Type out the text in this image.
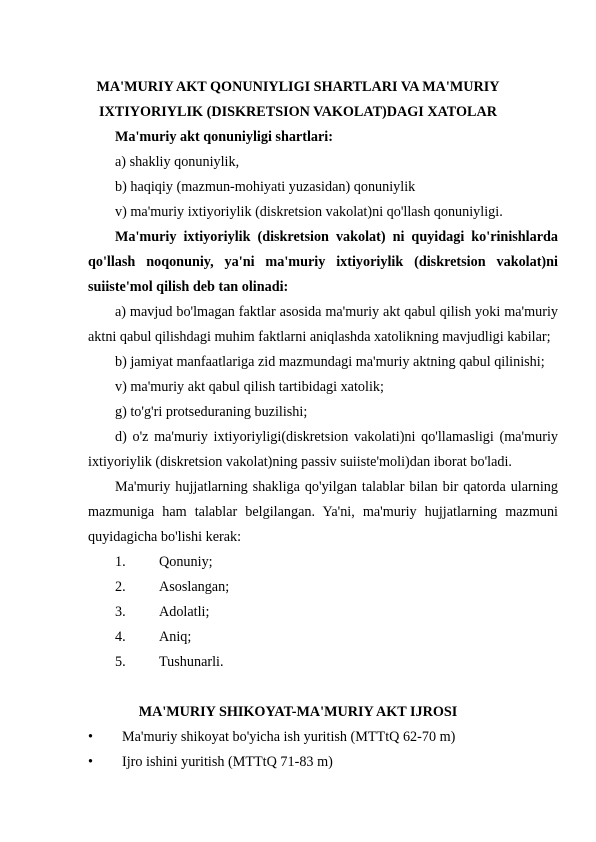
MA'MURIY AKT QONUNIYLIGI SHARTLARI VA MA'MURIY
IXTIYORIYLIK (DISKRETSION VAKOLAT)DAGI XATOLAR
Ma'muriy akt qonuniyligi shartlari:
a) shakliy qonuniylik,
b) haqiqiy (mazmun-mohiyati yuzasidan) qonuniylik
v) ma'muriy ixtiyoriylik (diskretsion vakolat)ni qo'llash qonuniyligi.
Ma'muriy ixtiyoriylik (diskretsion vakolat) ni quyidagi ko'rinishlarda
qo'llash noqonuniy, ya'ni ma'muriy ixtiyoriylik (diskretsion vakolat)ni
suiiste'mol qilish deb tan olinadi:
a) mavjud bo'lmagan faktlar asosida ma'muriy akt qabul qilish yoki ma'muriy
aktni qabul qilishdagi muhim faktlarni aniqlashda xatolikning mavjudligi kabilar;
b) jamiyat manfaatlariga zid mazmundagi ma'muriy aktning qabul qilinishi;
v) ma'muriy akt qabul qilish tartibidagi xatolik;
g) to'g'ri protseduraning buzilishi;
d) o'z ma'muriy ixtiyoriyligi(diskretsion vakolati)ni qo'llamasligi (ma'muriy
ixtiyoriylik (diskretsion vakolat)ning passiv suiiste'moli)dan iborat bo'ladi.
Ma'muriy hujjatlarning shakliga qo'yilgan talablar bilan bir qatorda ularning
mazmuniga ham talablar belgilangan. Ya'ni, ma'muriy hujjatlarning mazmuni
quyidagicha bo'lishi kerak:
1. Qonuniy;
2. Asoslangan;
3. Adolatli;
4. Aniq;
5. Tushunarli.
MA'MURIY SHIKOYAT-MA'MURIY AKT IJROSI
• Ma'muriy shikoyat bo'yicha ish yuritish (MTTtQ 62-70 m)
• Ijro ishini yuritish (MTTtQ 71-83 m)
